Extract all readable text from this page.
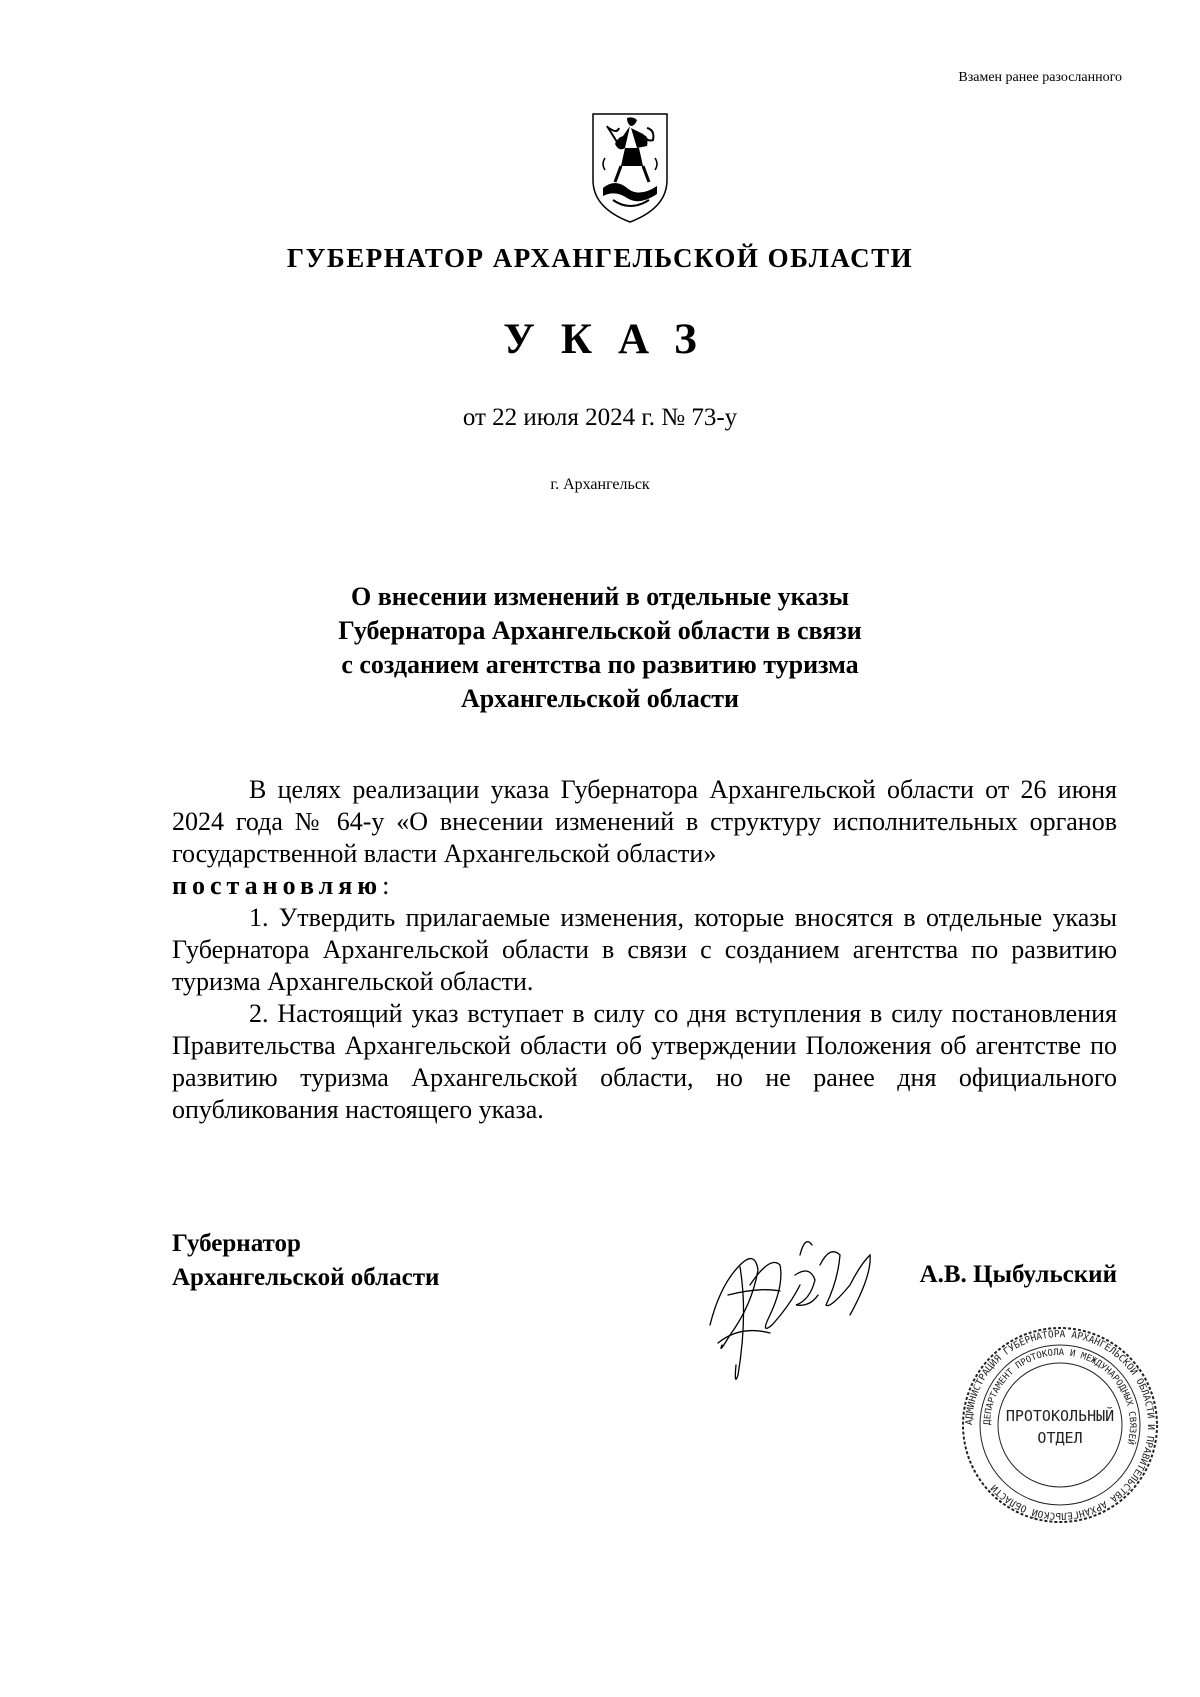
Взамен ранее разосланного
ГУБЕРНАТОР АРХАНГЕЛЬСКОЙ ОБЛАСТИ
УКАЗ
от 22 июля 2024 г. № 73-у
г. Архангельск
О внесении изменений в отдельные указы
Губернатора Архангельской области в связи
с созданием агентства по развитию туризма
Архангельской области

В целях реализации указа Губернатора Архангельской области от 26 июня 2024 года № 64-у «О внесении изменений в структуру исполнительных органов государственной власти Архангельской области»

постановляю:

1. Утвердить прилагаемые изменения, которые вносятся в отдельные указы Губернатора Архангельской области в связи с созданием агентства по развитию туризма Архангельской области.

2. Настоящий указ вступает в силу со дня вступления в силу постановления Правительства Архангельской области об утверждении Положения об агентстве по развитию туризма Архангельской области, но не ранее дня официального опубликования настоящего указа.

Губернатор
Архангельской области	А.В. Цыбульский
АДМИНИСТРАЦИЯ ГУБЕРНАТОРА АРХАНГЕЛЬСКОЙ ОБЛАСТИ И ПРАВИТЕЛЬСТВА АРХАНГЕЛЬСКОЙ ОБЛАСТИ
ДЕПАРТАМЕНТ ПРОТОКОЛА И МЕЖДУНАРОДНЫХ СВЯЗЕЙ
ПРОТОКОЛЬНЫЙ
ОТДЕЛ
